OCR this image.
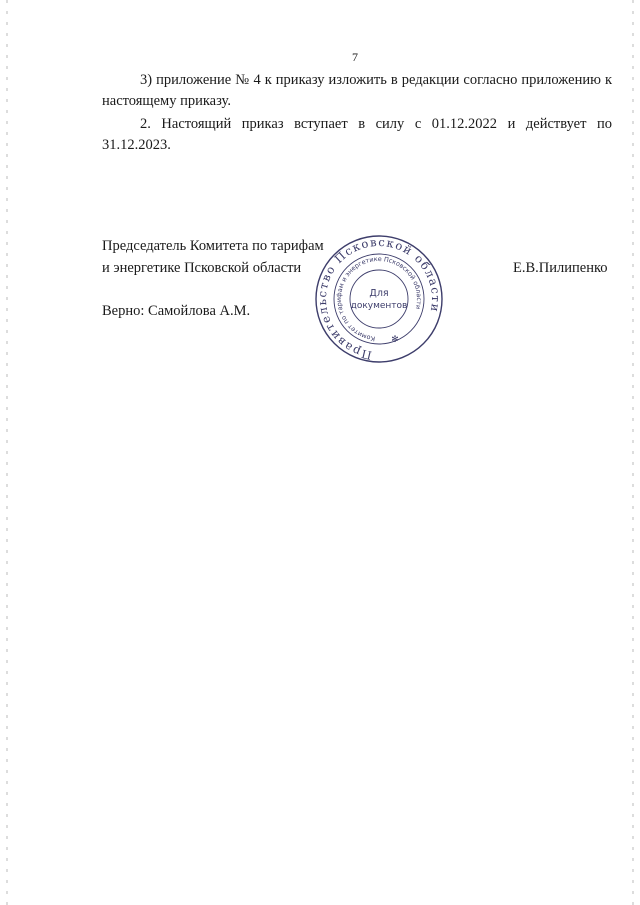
7

3) приложение № 4 к приказу изложить в редакции согласно приложению к настоящему приказу.

2. Настоящий приказ вступает в силу с 01.12.2022 и действует по 31.12.2023.

Председатель Комитета по тарифам
и энергетике Псковской области	Е.В.Пилипенко
Верно: Самойлова А.М.
Правительство Псковской области
Комитет по тарифам и энергетике Псковской области
Для
документов
✻
